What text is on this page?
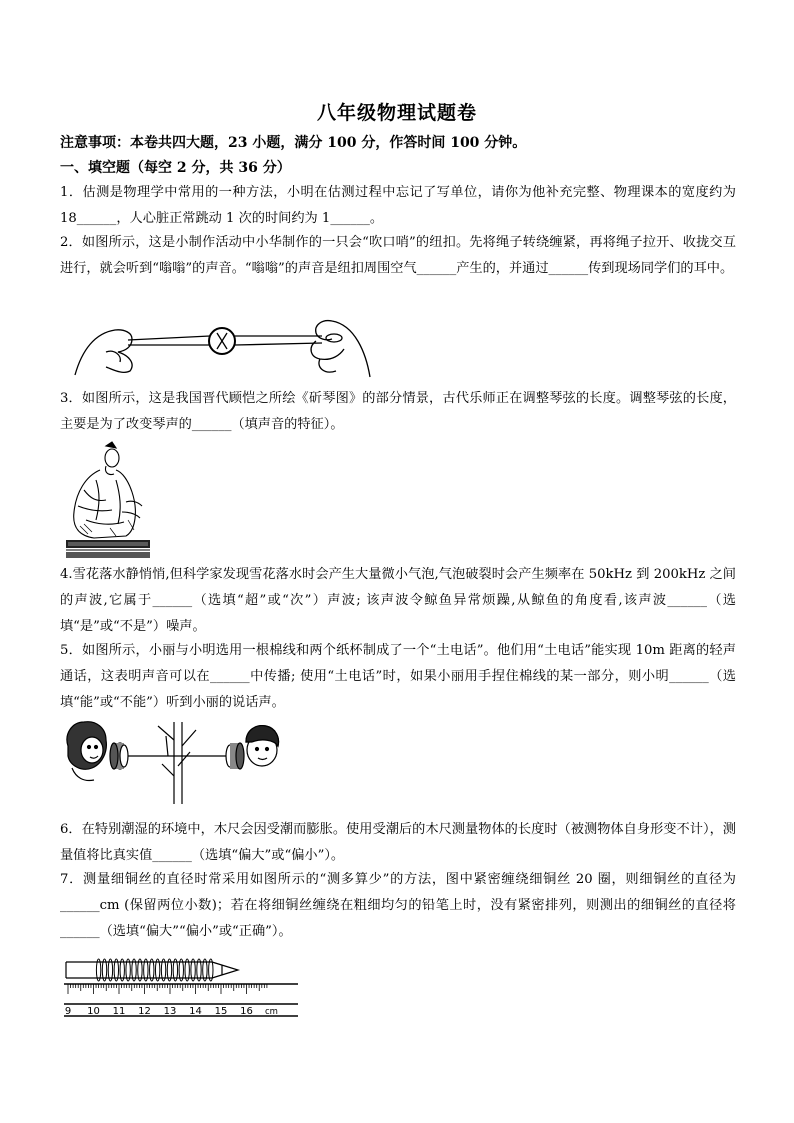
八年级物理试题卷
注意事项：本卷共四大题，23 小题，满分 100 分，作答时间 100 分钟。
一、填空题（每空 2 分，共 36 分）
1．估测是物理学中常用的一种方法，小明在估测过程中忘记了写单位，请你为他补充完整、物理课本的宽度约为 18______，人心脏正常跳动 1 次的时间约为 1______。
2．如图所示，这是小制作活动中小华制作的一只会“吹口哨”的纽扣。先将绳子转绕缠紧，再将绳子拉开、收拢交互进行，就会听到“嗡嗡”的声音。“嗡嗡”的声音是纽扣周围空气______产生的，并通过______传到现场同学们的耳中。
3．如图所示，这是我国晋代顾恺之所绘《斫琴图》的部分情景，古代乐师正在调整琴弦的长度。调整琴弦的长度，主要是为了改变琴声的______（填声音的特征）。
4.雪花落水静悄悄,但科学家发现雪花落水时会产生大量微小气泡,气泡破裂时会产生频率在 50kHz 到 200kHz 之间的声波,它属于______（选填“超”或“次”）声波; 该声波令鲸鱼异常烦躁,从鲸鱼的角度看,该声波______（选填“是”或“不是”）噪声。
5．如图所示，小丽与小明选用一根棉线和两个纸杯制成了一个“土电话”。他们用“土电话”能实现 10m 距离的轻声通话，这表明声音可以在______中传播; 使用“土电话”时，如果小丽用手捏住棉线的某一部分，则小明______（选填“能”或“不能”）听到小丽的说话声。
6．在特别潮湿的环境中，木尺会因受潮而膨胀。使用受潮后的木尺测量物体的长度时（被测物体自身形变不计），测量值将比真实值______（选填“偏大”或“偏小”）。
7．测量细铜丝的直径时常采用如图所示的“测多算少”的方法，图中紧密缠绕细铜丝 20 圈，则细铜丝的直径为______cm (保留两位小数)；若在将细铜丝缠绕在粗细均匀的铅笔上时，没有紧密排列，则测出的细铜丝的直径将______（选填“偏大”“偏小”或“正确”）。
9 10 11 12 13 14 15 16 cm
